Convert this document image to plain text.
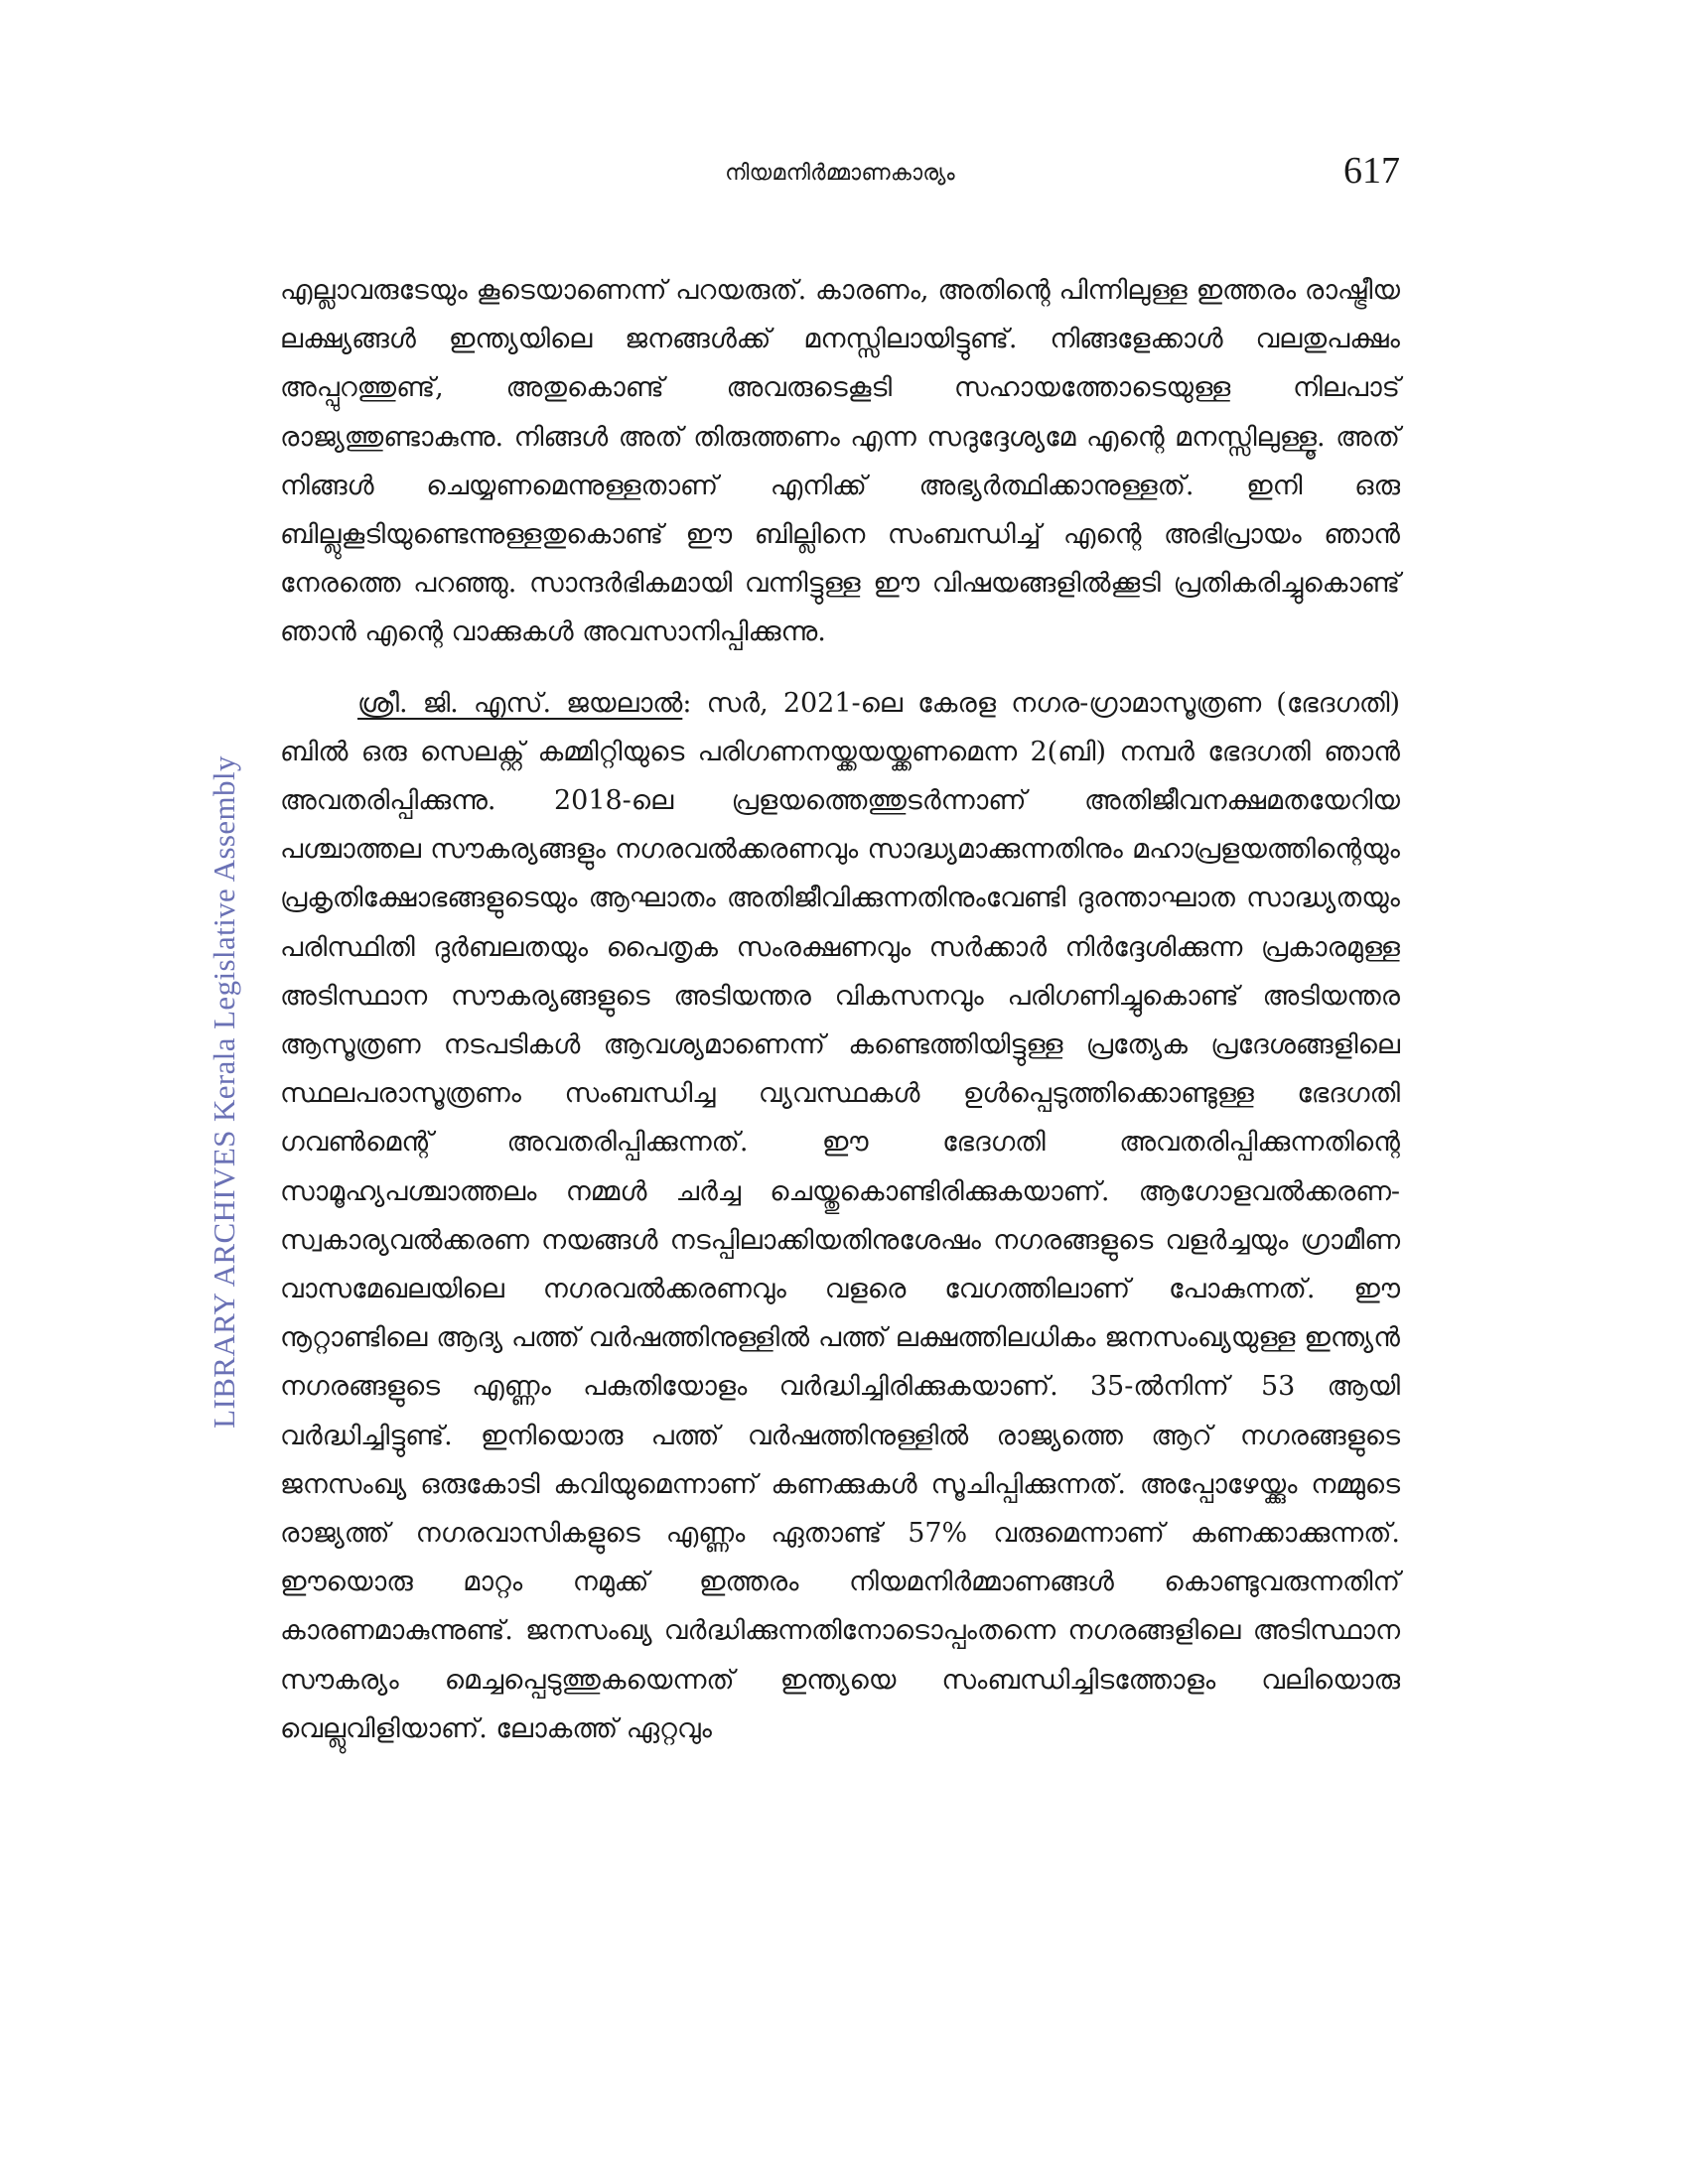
നിയമനിർമ്മാണകാര്യം	617
LIBRARY ARCHIVES Kerala Legislative Assembly

എല്ലാവരുടേയും കൂടെയാണെന്ന് പറയരുത്. കാരണം, അതിന്റെ പിന്നിലുള്ള ഇത്തരം രാഷ്ട്രീയ ലക്ഷ്യങ്ങൾ ഇന്ത്യയിലെ ജനങ്ങൾക്ക് മനസ്സിലായിട്ടുണ്ട്. നിങ്ങളേക്കാൾ വലതുപക്ഷം അപ്പുറത്തുണ്ട്, അതുകൊണ്ട് അവരുടെകൂടി സഹായത്തോടെയുള്ള നിലപാട് രാജ്യത്തുണ്ടാകുന്നു. നിങ്ങൾ അത് തിരുത്തണം എന്ന സദുദ്ദേശ്യമേ എന്റെ മനസ്സിലുള്ളൂ. അത് നിങ്ങൾ ചെയ്യണമെന്നുള്ളതാണ് എനിക്ക് അഭ്യർത്ഥിക്കാനുള്ളത്. ഇനി ഒരു ബില്ലുകൂടിയുണ്ടെന്നുള്ളതുകൊണ്ട് ഈ ബില്ലിനെ സംബന്ധിച്ച് എന്റെ അഭിപ്രായം ഞാൻ നേരത്തെ പറഞ്ഞു. സാന്ദർഭികമായി വന്നിട്ടുള്ള ഈ വിഷയങ്ങളിൽക്കൂടി പ്രതികരിച്ചുകൊണ്ട് ഞാൻ എന്റെ വാക്കുകൾ അവസാനിപ്പിക്കുന്നു.

ശ്രീ. ജി. എസ്. ജയലാൽ: സർ, 2021-ലെ കേരള നഗര-ഗ്രാമാസൂത്രണ (ഭേദഗതി) ബിൽ ഒരു സെലക്റ്റ് കമ്മിറ്റിയുടെ പരിഗണനയ്ക്കയയ്ക്കണമെന്ന 2(ബി) നമ്പർ ഭേദഗതി ഞാൻ അവതരിപ്പിക്കുന്നു. 2018-ലെ പ്രളയത്തെത്തുടർന്നാണ് അതിജീവനക്ഷമതയേറിയ പശ്ചാത്തല സൗകര്യങ്ങളും നഗരവൽക്കരണവും സാദ്ധ്യമാക്കുന്നതിനും മഹാപ്രളയത്തിന്റെയും പ്രകൃതിക്ഷോഭങ്ങളുടെയും ആഘാതം അതിജീവിക്കുന്നതിനുംവേണ്ടി ദുരന്താഘാത സാദ്ധ്യതയും പരിസ്ഥിതി ദുർബലതയും പൈതൃക സംരക്ഷണവും സർക്കാർ നിർദ്ദേശിക്കുന്ന പ്രകാരമുള്ള അടിസ്ഥാന സൗകര്യങ്ങളുടെ അടിയന്തര വികസനവും പരിഗണിച്ചുകൊണ്ട് അടിയന്തര ആസൂത്രണ നടപടികൾ ആവശ്യമാണെന്ന് കണ്ടെത്തിയിട്ടുള്ള പ്രത്യേക പ്രദേശങ്ങളിലെ സ്ഥലപരാസൂത്രണം സംബന്ധിച്ച വ്യവസ്ഥകൾ ഉൾപ്പെടുത്തിക്കൊണ്ടുള്ള ഭേദഗതി ഗവൺമെന്റ് അവതരിപ്പിക്കുന്നത്. ഈ ഭേദഗതി അവതരിപ്പിക്കുന്നതിന്റെ സാമൂഹ്യപശ്ചാത്തലം നമ്മൾ ചർച്ച ചെയ്തുകൊണ്ടിരിക്കുകയാണ്. ആഗോളവൽക്കരണ-സ്വകാര്യവൽക്കരണ നയങ്ങൾ നടപ്പിലാക്കിയതിനുശേഷം നഗരങ്ങളുടെ വളർച്ചയും ഗ്രാമീണ വാസമേഖലയിലെ നഗരവൽക്കരണവും വളരെ വേഗത്തിലാണ് പോകുന്നത്. ഈ നൂറ്റാണ്ടിലെ ആദ്യ പത്ത് വർഷത്തിനുള്ളിൽ പത്ത് ലക്ഷത്തിലധികം ജനസംഖ്യയുള്ള ഇന്ത്യൻ നഗരങ്ങളുടെ എണ്ണം പകുതിയോളം വർദ്ധിച്ചിരിക്കുകയാണ്. 35-ൽനിന്ന് 53 ആയി വർദ്ധിച്ചിട്ടുണ്ട്. ഇനിയൊരു പത്ത് വർഷത്തിനുള്ളിൽ രാജ്യത്തെ ആറ് നഗരങ്ങളുടെ ജനസംഖ്യ ഒരുകോടി കവിയുമെന്നാണ് കണക്കുകൾ സൂചിപ്പിക്കുന്നത്. അപ്പോഴേയ്ക്കും നമ്മുടെ രാജ്യത്ത് നഗരവാസികളുടെ എണ്ണം ഏതാണ്ട് 57% വരുമെന്നാണ് കണക്കാക്കുന്നത്. ഈയൊരു മാറ്റം നമുക്ക് ഇത്തരം നിയമനിർമ്മാണങ്ങൾ കൊണ്ടുവരുന്നതിന് കാരണമാകുന്നുണ്ട്. ജനസംഖ്യ വർദ്ധിക്കുന്നതിനോടൊപ്പംതന്നെ നഗരങ്ങളിലെ അടിസ്ഥാന സൗകര്യം മെച്ചപ്പെടുത്തുകയെന്നത് ഇന്ത്യയെ സംബന്ധിച്ചിടത്തോളം വലിയൊരു വെല്ലുവിളിയാണ്. ലോകത്ത് ഏറ്റവും
